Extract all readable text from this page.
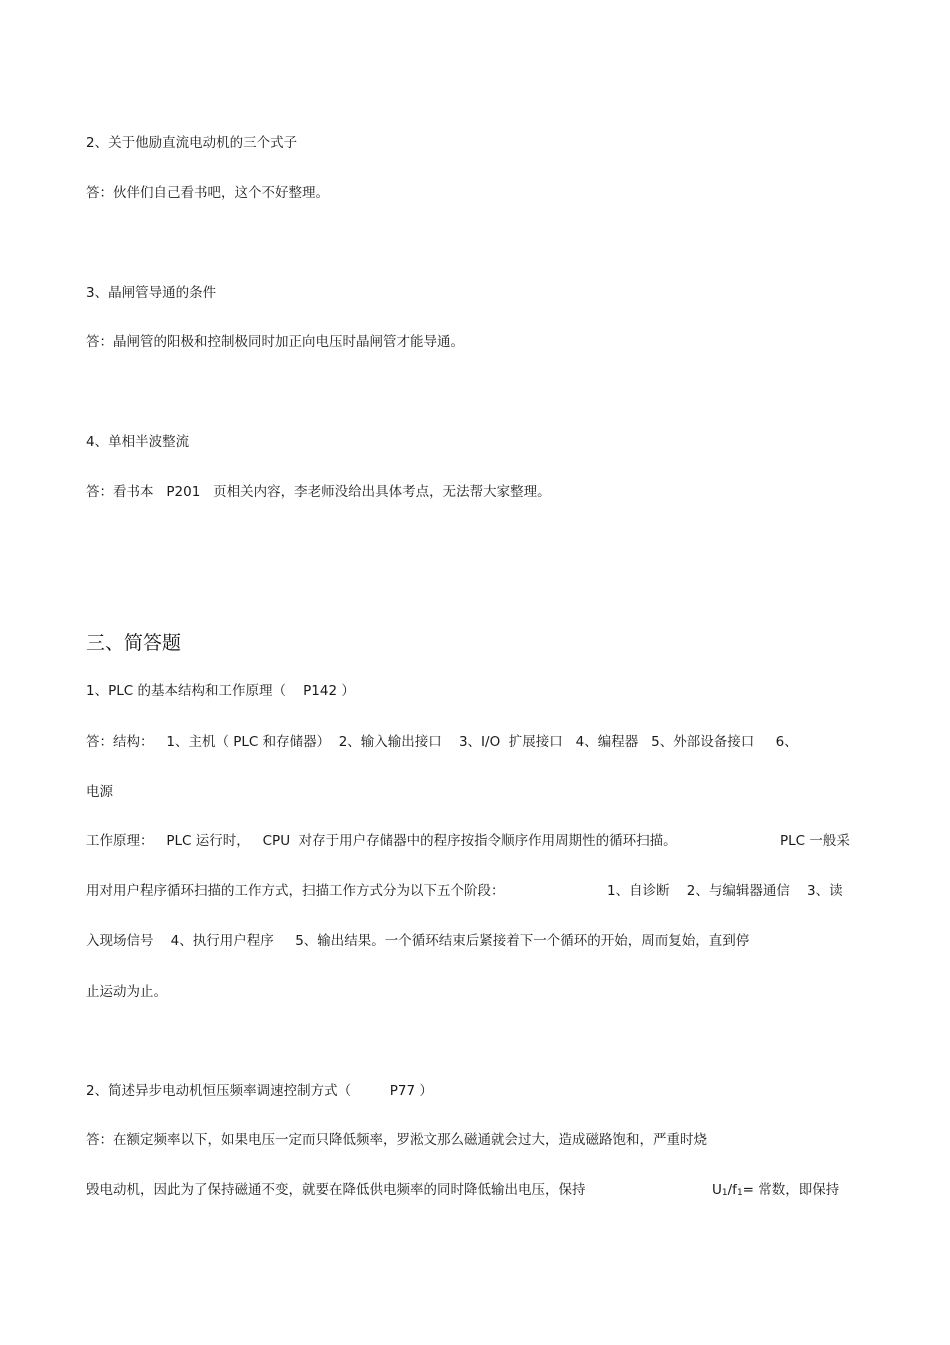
2、关于他励直流电动机的三个式子
答：伙伴们自己看书吧，这个不好整理。
3、晶闸管导通的条件
答：晶闸管的阳极和控制极同时加正向电压时晶闸管才能导通。
4、单相半波整流
答：看书本   P201   页相关内容，李老师没给出具体考点，无法帮大家整理。
三、简答题
1、PLC 的基本结构和工作原理（    P142 ）
答：结构：   1、主机（ PLC 和存储器）  2、输入输出接口    3、I/O  扩展接口   4、编程器   5、外部设备接口     6、
电源
工作原理：   PLC 运行时，   CPU  对存于用户存储器中的程序按指令顺序作用周期性的循环扫描。	PLC 一般采
用对用户程序循环扫描的工作方式，扫描工作方式分为以下五个阶段：	1、自诊断    2、与编辑器通信    3、读
入现场信号    4、执行用户程序     5、输出结果。一个循环结束后紧接着下一个循环的开始，周而复始，直到停
止运动为止。
2、简述异步电动机恒压频率调速控制方式（         P77 ）
答：在额定频率以下，如果电压一定而只降低频率，罗淞文那么磁通就会过大，造成磁路饱和，严重时烧
毁电动机，因此为了保持磁通不变，就要在降低供电频率的同时降低输出电压，保持	U1/f1= 常数，即保持
